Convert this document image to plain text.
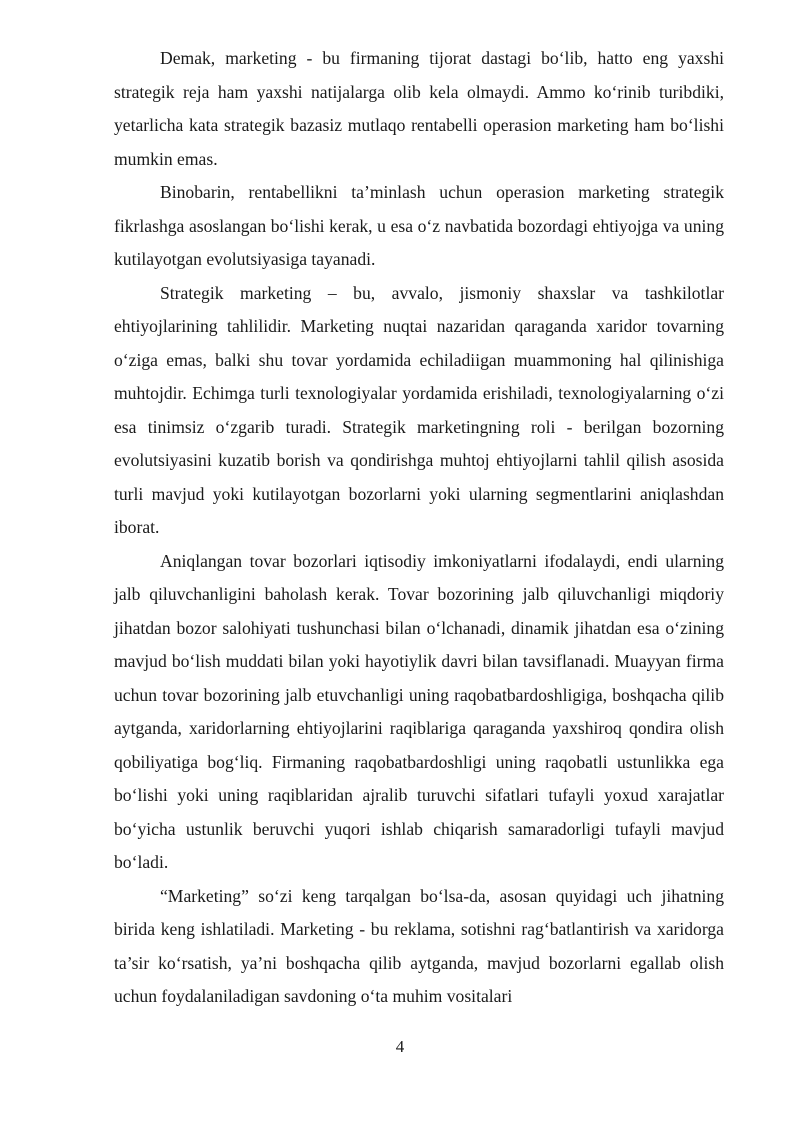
Demak, marketing - bu firmaning tijorat dastagi bo‘lib, hatto eng yaxshi strategik reja ham yaxshi natijalarga olib kela olmaydi. Ammo ko‘rinib turibdiki, yetarlicha kata strategik bazasiz mutlaqo rentabelli operasion marketing ham bo‘lishi mumkin emas.

Binobarin, rentabellikni ta’minlash uchun operasion marketing strategik fikrlashga asoslangan bo‘lishi kerak, u esa o‘z navbatida bozordagi ehtiyojga va uning kutilayotgan evolutsiyasiga tayanadi.

Strategik marketing – bu, avvalo, jismoniy shaxslar va tashkilotlar ehtiyojlarining tahlilidir. Marketing nuqtai nazaridan qaraganda xaridor tovarning o‘ziga emas, balki shu tovar yordamida echiladiigan muammoning hal qilinishiga muhtojdir. Echimga turli texnologiyalar yordamida erishiladi, texnologiyalarning o‘zi esa tinimsiz o‘zgarib turadi. Strategik marketingning roli - berilgan bozorning evolutsiyasini kuzatib borish va qondirishga muhtoj ehtiyojlarni tahlil qilish asosida turli mavjud yoki kutilayotgan bozorlarni yoki ularning segmentlarini aniqlashdan iborat.

Aniqlangan tovar bozorlari iqtisodiy imkoniyatlarni ifodalaydi, endi ularning jalb qiluvchanligini baholash kerak. Tovar bozorining jalb qiluvchanligi miqdoriy jihatdan bozor salohiyati tushunchasi bilan o‘lchanadi, dinamik jihatdan esa o‘zining mavjud bo‘lish muddati bilan yoki hayotiylik davri bilan tavsiflanadi. Muayyan firma uchun tovar bozorining jalb etuvchanligi uning raqobatbardoshligiga, boshqacha qilib aytganda, xaridorlarning ehtiyojlarini raqiblariga qaraganda yaxshiroq qondira olish qobiliyatiga bog‘liq. Firmaning raqobatbardoshligi uning raqobatli ustunlikka ega bo‘lishi yoki uning raqiblaridan ajralib turuvchi sifatlari tufayli yoxud xarajatlar bo‘yicha ustunlik beruvchi yuqori ishlab chiqarish samaradorligi tufayli mavjud bo‘ladi.

“Marketing” so‘zi keng tarqalgan bo‘lsa-da, asosan quyidagi uch jihatning birida keng ishlatiladi. Marketing - bu reklama, sotishni rag‘batlantirish va xaridorga ta’sir ko‘rsatish, ya’ni boshqacha qilib aytganda, mavjud bozorlarni egallab olish uchun foydalaniladigan savdoning o‘ta muhim vositalari

4
